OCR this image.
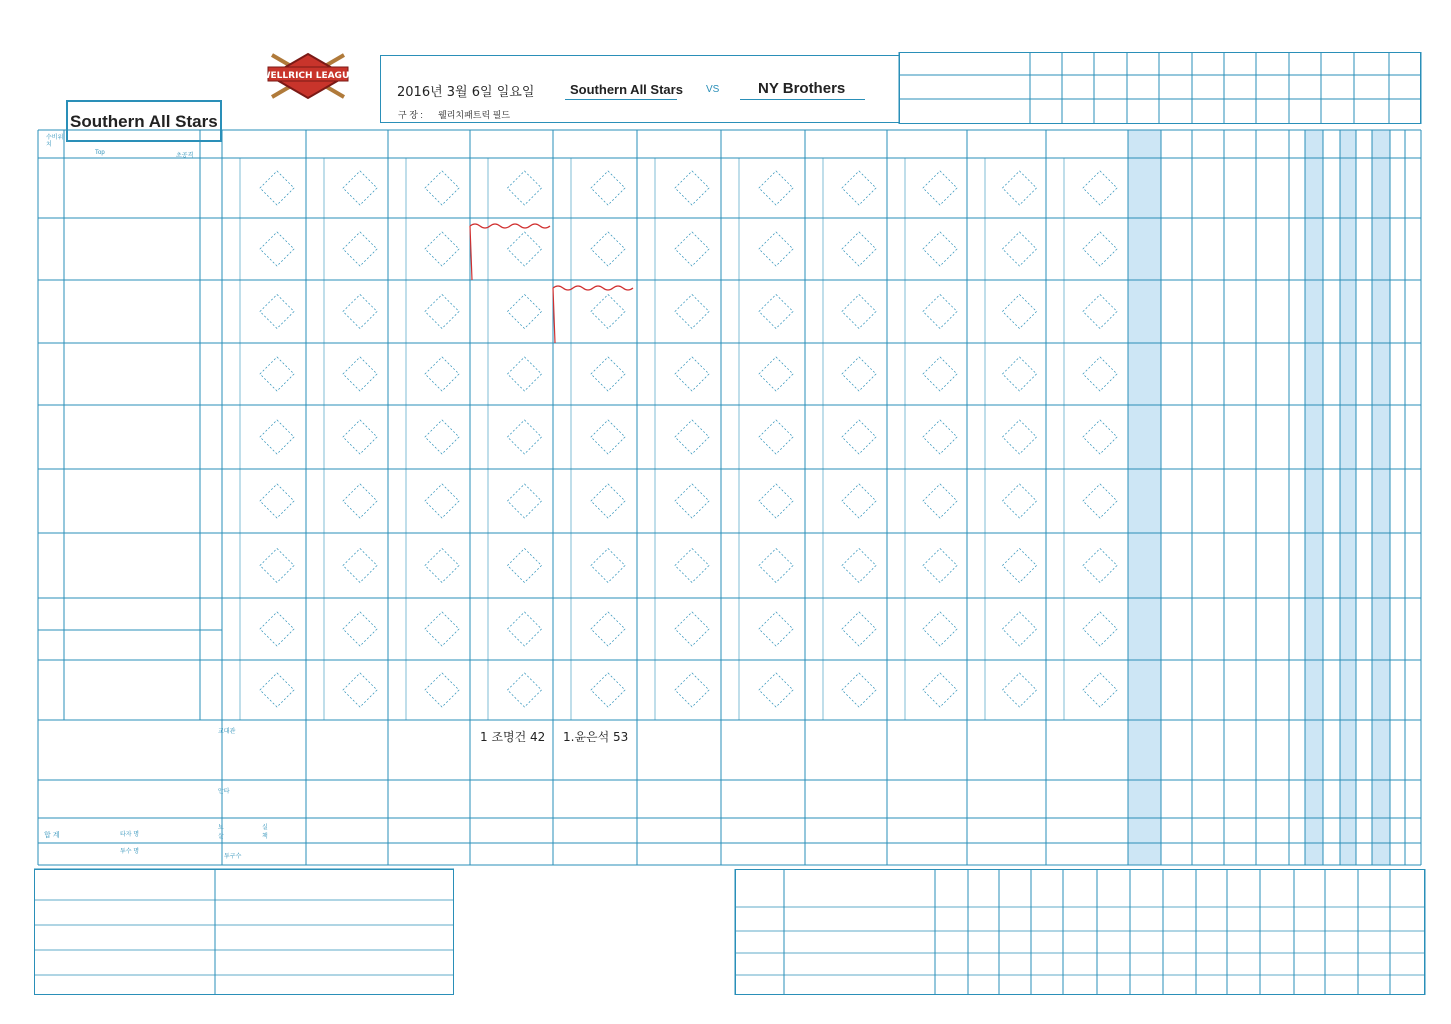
WELLRICH LEAGUE
2016년 3월 6일 일요일	Southern All Stars VS	NY Brothers
구 장 : 웰리치패트릭 필드
Southern All Stars
수비위치
Top	초공격
1 조명건 42 1.윤은석 53
교대관
합 계	타자 명
투수 명
안타
보살
실책
투구수
